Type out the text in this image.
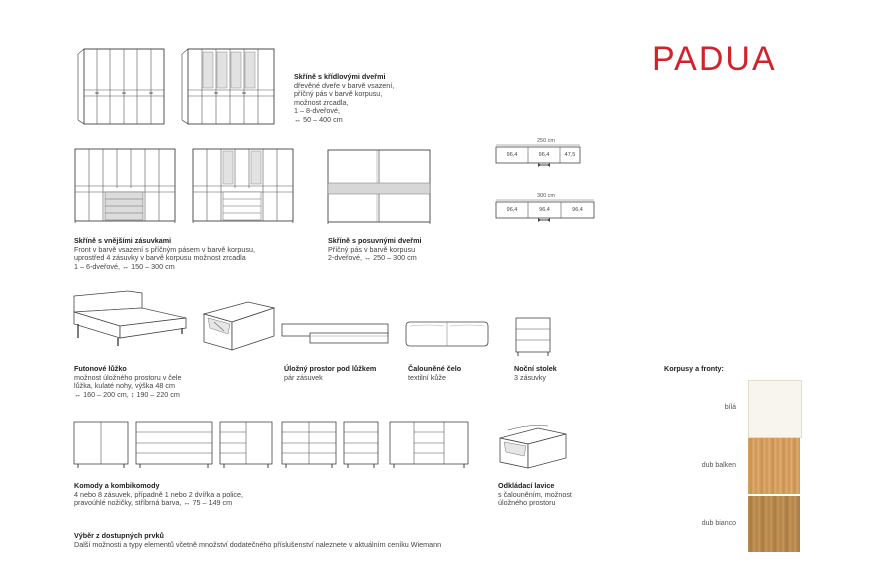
PADUA
Skříně s křídlovými dveřmi
dřevěné dveře v barvě vsazení,
příčný pás v barvě korpusu,
možnost zrcadla,
1 – 8-dveřové,
↔ 50 – 400 cm
Skříně s vnějšími zásuvkami
Front v barvě vsazení s příčným pásem v barvě korpusu,
uprostřed 4 zásuvky v barvě korpusu možnost zrcadla
1 – 6-dveřové, ↔ 150 – 300 cm
Skříně s posuvnými dveřmi
Příčný pás v barvě korpusu
2-dveřové, ↔ 250 – 300 cm
250 cm
96,4	96,4	47,5
300 cm
96,4	96,4	96,4
Futonové lůžko
možnost úložného prostoru v čele
lůžka, kulaté nohy, výška 48 cm
↔ 160 – 200 cm, ↕ 190 – 220 cm
Úložný prostor pod lůžkem
pár zásuvek
Čalouněné čelo
textilní kůže
Noční stolek
3 zásuvky
Komody a kombikomody
4 nebo 8 zásuvek, případně 1 nebo 2 dvířka a police,
pravoúhlé nožičky, stříbrná barva, ↔ 75 – 149 cm
Odkládací lavice
s čalouněním, možnost
úložného prostoru
Korpusy a fronty:
bílá
dub balken
dub bianco
Výběr z dostupných prvků
Další možnosti a typy elementů včetně množství dodatečného příslušenství naleznete v aktuálním ceníku Wiemann
